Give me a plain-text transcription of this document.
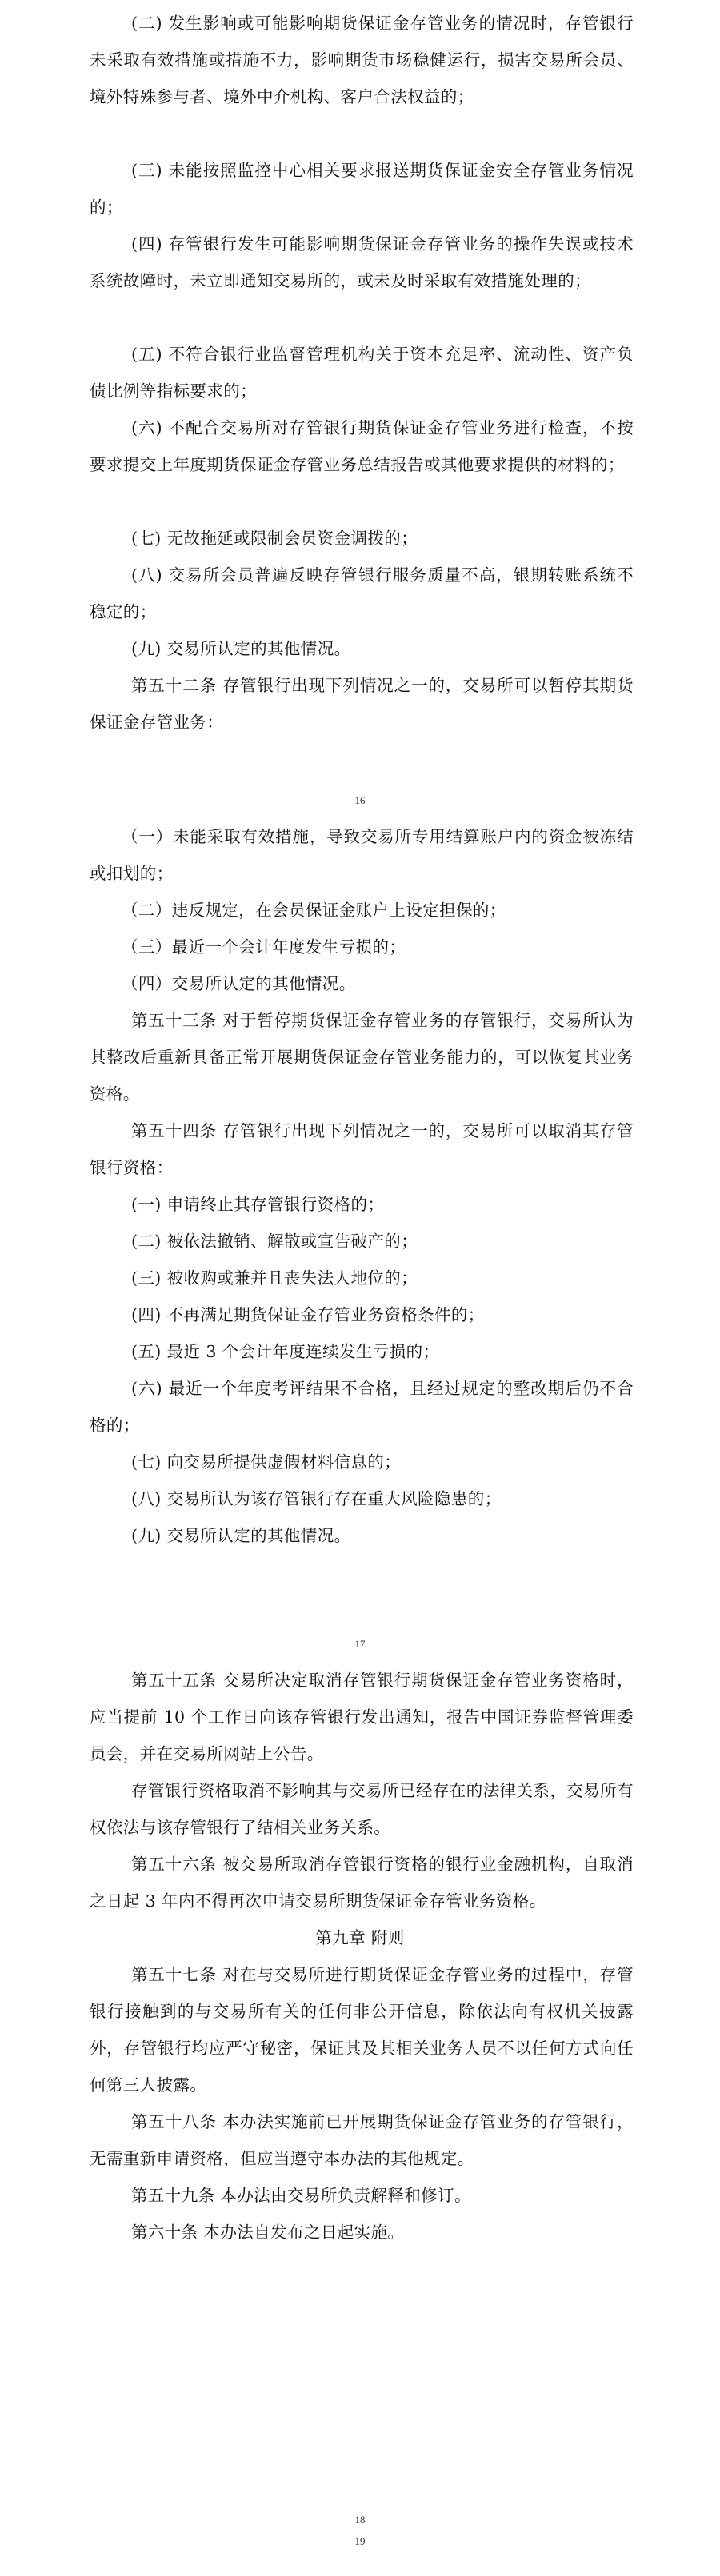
(二) 发生影响或可能影响期货保证金存管业务的情况时，存管银行未采取有效措施或措施不力，影响期货市场稳健运行，损害交易所会员、境外特殊参与者、境外中介机构、客户合法权益的；

(三) 未能按照监控中心相关要求报送期货保证金安全存管业务情况的；

(四) 存管银行发生可能影响期货保证金存管业务的操作失误或技术系统故障时，未立即通知交易所的，或未及时采取有效措施处理的；

(五) 不符合银行业监督管理机构关于资本充足率、流动性、资产负债比例等指标要求的；

(六) 不配合交易所对存管银行期货保证金存管业务进行检查，不按要求提交上年度期货保证金存管业务总结报告或其他要求提供的材料的；

(七) 无故拖延或限制会员资金调拨的；

(八) 交易所会员普遍反映存管银行服务质量不高，银期转账系统不稳定的；

(九) 交易所认定的其他情况。

第五十二条 存管银行出现下列情况之一的，交易所可以暂停其期货保证金存管业务：

16

（一）未能采取有效措施，导致交易所专用结算账户内的资金被冻结或扣划的；

（二）违反规定，在会员保证金账户上设定担保的；

（三）最近一个会计年度发生亏损的；

（四）交易所认定的其他情况。

第五十三条 对于暂停期货保证金存管业务的存管银行，交易所认为其整改后重新具备正常开展期货保证金存管业务能力的，可以恢复其业务资格。

第五十四条 存管银行出现下列情况之一的，交易所可以取消其存管银行资格：

(一) 申请终止其存管银行资格的；

(二) 被依法撤销、解散或宣告破产的；

(三) 被收购或兼并且丧失法人地位的；

(四) 不再满足期货保证金存管业务资格条件的；

(五) 最近 3 个会计年度连续发生亏损的；

(六) 最近一个年度考评结果不合格，且经过规定的整改期后仍不合格的；

(七) 向交易所提供虚假材料信息的；

(八) 交易所认为该存管银行存在重大风险隐患的；

(九) 交易所认定的其他情况。

17

第五十五条 交易所决定取消存管银行期货保证金存管业务资格时，应当提前 10 个工作日向该存管银行发出通知，报告中国证券监督管理委员会，并在交易所网站上公告。

存管银行资格取消不影响其与交易所已经存在的法律关系，交易所有权依法与该存管银行了结相关业务关系。

第五十六条 被交易所取消存管银行资格的银行业金融机构，自取消之日起 3 年内不得再次申请交易所期货保证金存管业务资格。

第九章 附则

第五十七条 对在与交易所进行期货保证金存管业务的过程中，存管银行接触到的与交易所有关的任何非公开信息，除依法向有权机关披露外，存管银行均应严守秘密，保证其及其相关业务人员不以任何方式向任何第三人披露。

第五十八条 本办法实施前已开展期货保证金存管业务的存管银行，无需重新申请资格，但应当遵守本办法的其他规定。

第五十九条 本办法由交易所负责解释和修订。

第六十条 本办法自发布之日起实施。

18
19
